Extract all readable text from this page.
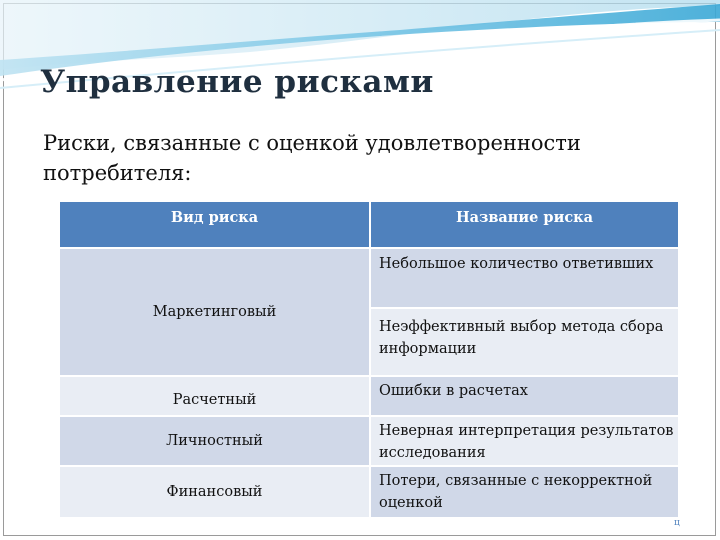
Управление рисками
Риски, связанные с оценкой удовлетворенности потребителя:
Вид риска	Название риска
Маркетинговый	Небольшое количество ответивших
	Неэффективный выбор метода сбора информации
Расчетный	Ошибки в расчетах
Личностный	Неверная интерпретация результатов исследования
Финансовый	Потери, связанные с некорректной оценкой
ц
